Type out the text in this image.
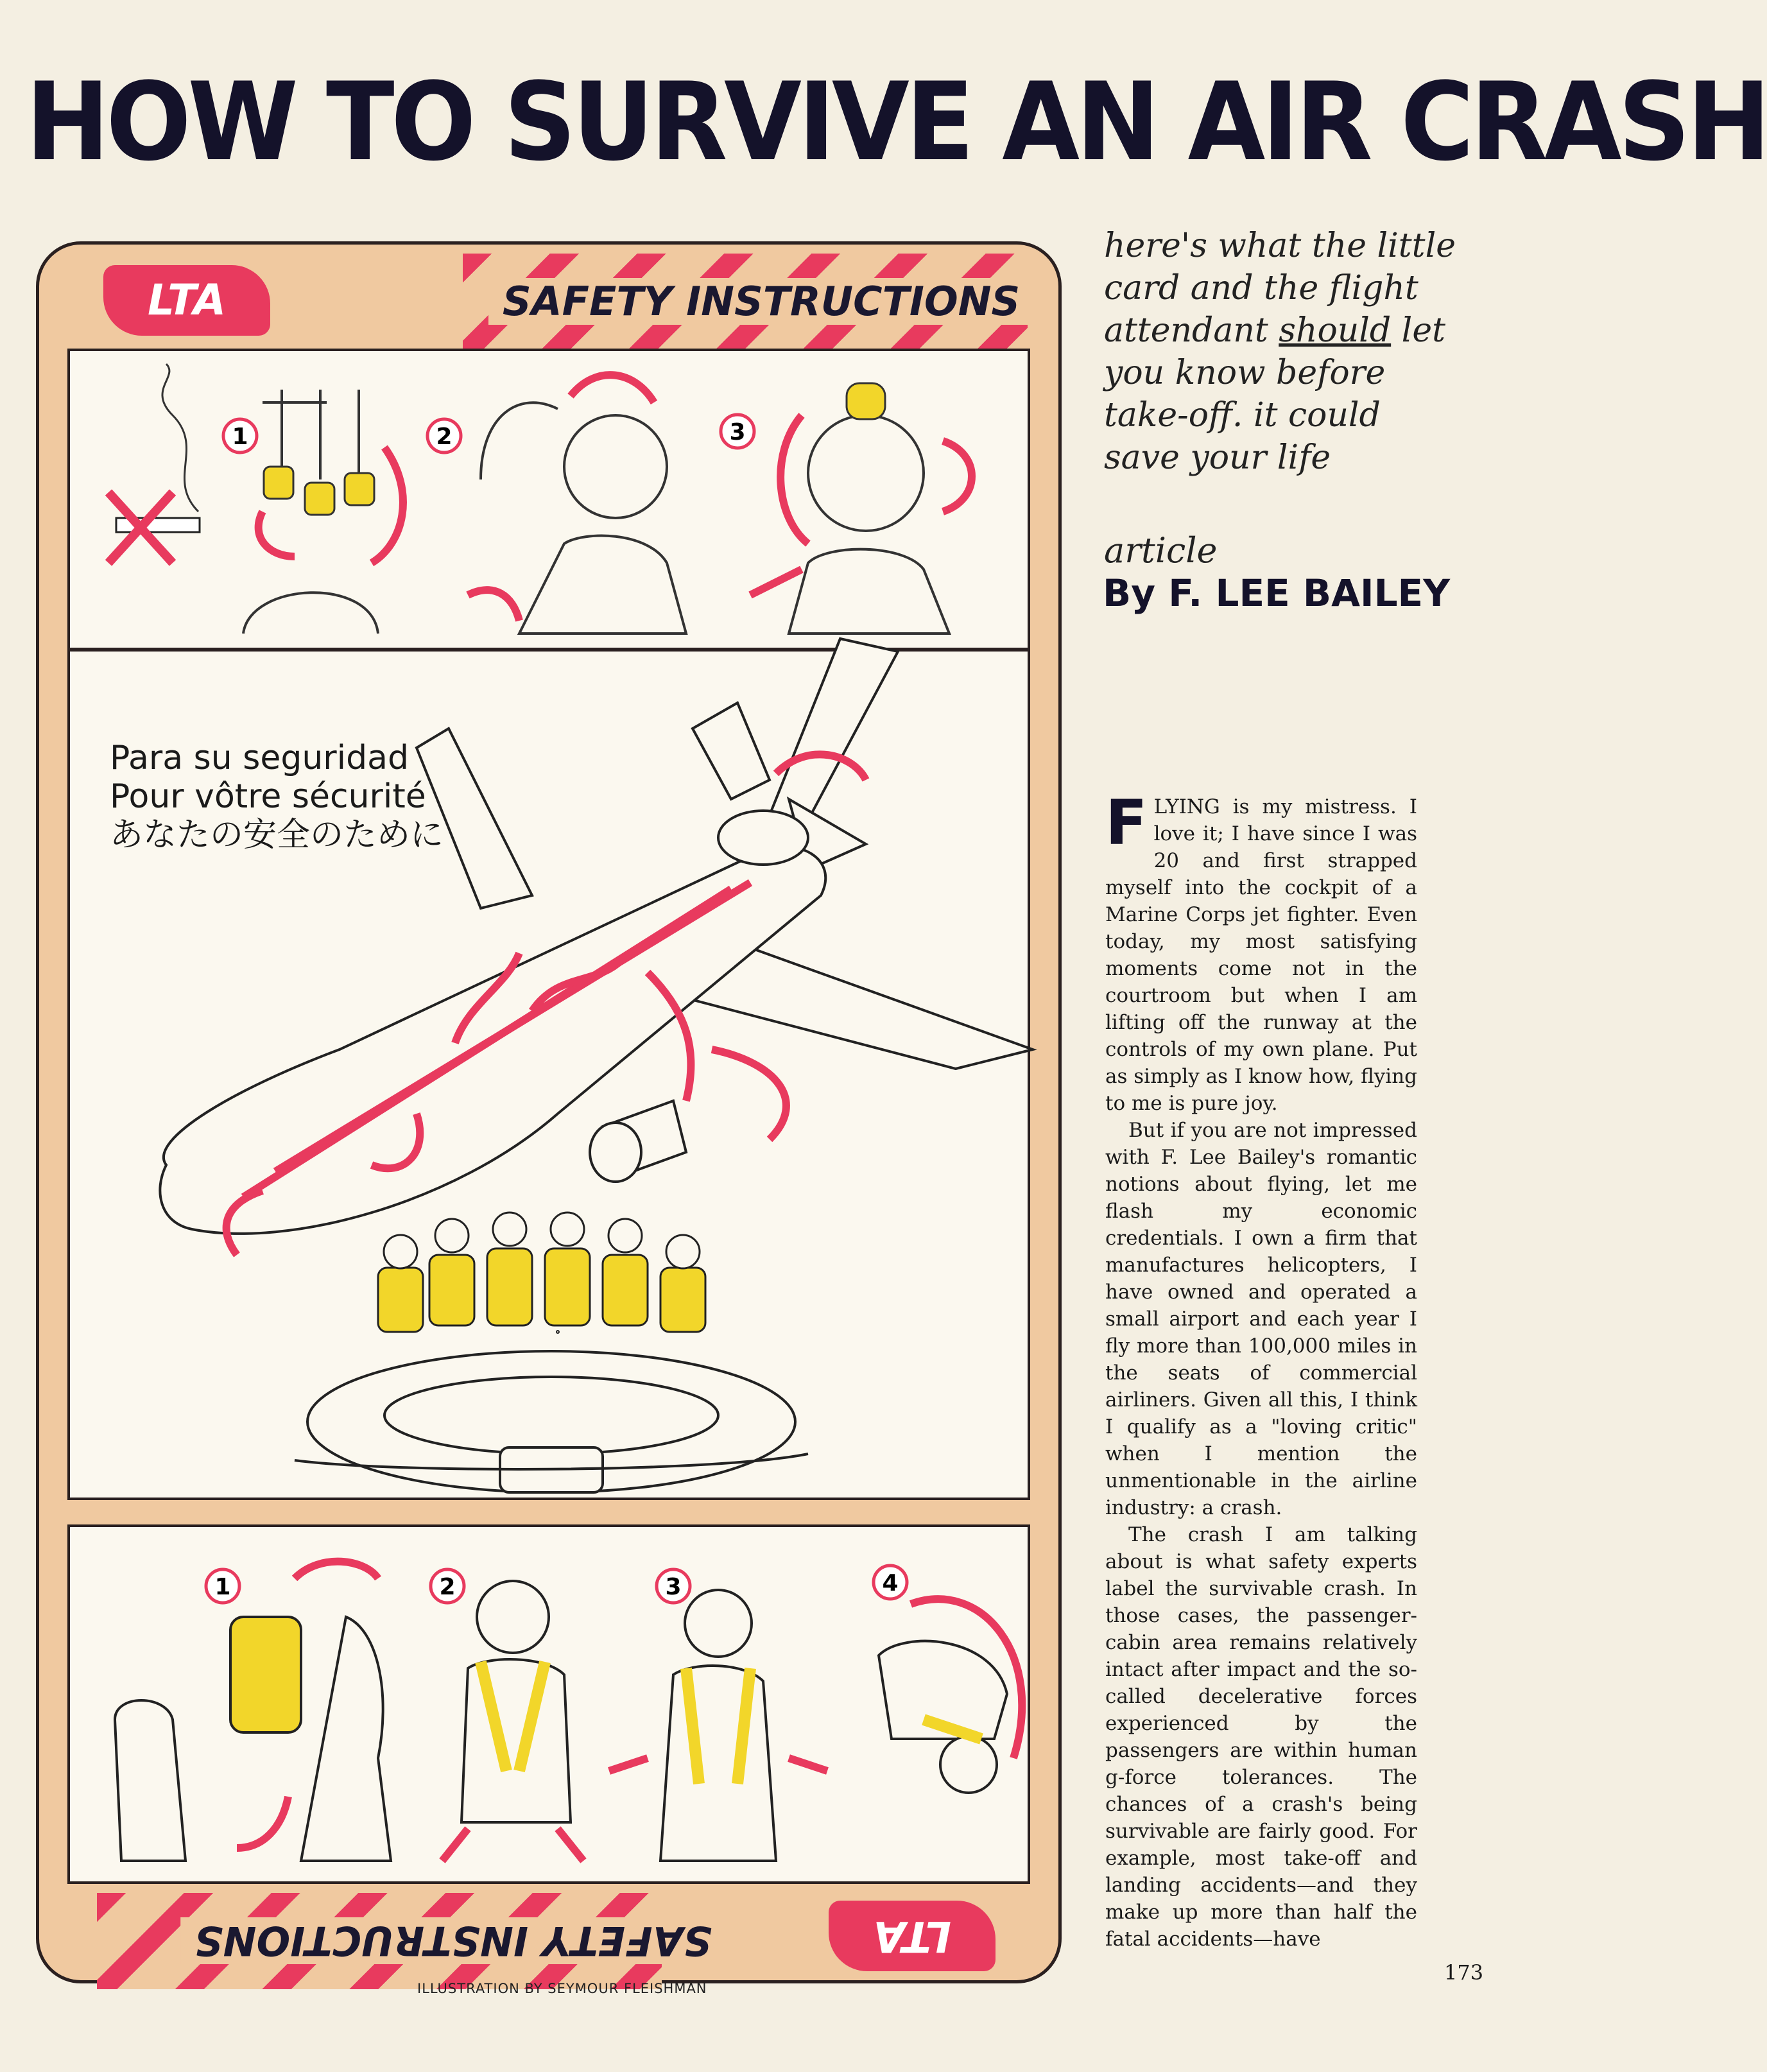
HOW TO SURVIVE AN AIR CRASH
LTA	SAFETY INSTRUCTIONS
1	2	3
Para su seguridad
Pour vôtre sécurité
あなたの安全のために
1	2	3	4
SAFETY INSTRUCTIONS	LTA
here's what the little card and the flight attendant should let you know before take-off. it could save your life
article
By F. LEE BAILEY

FLYING is my mistress. I love it; I have since I was 20 and first strapped myself into the cockpit of a Marine Corps jet fighter. Even today, my most satisfying moments come not in the courtroom but when I am lifting off the runway at the controls of my own plane. Put as simply as I know how, flying to me is pure joy.

But if you are not impressed with F. Lee Bailey's romantic notions about flying, let me flash my economic credentials. I own a firm that manufactures helicopters, I have owned and operated a small airport and each year I fly more than 100,000 miles in the seats of commercial airliners. Given all this, I think I qualify as a "loving critic" when I mention the unmentionable in the airline industry: a crash.

The crash I am talking about is what safety experts label the survivable crash. In those cases, the passenger-cabin area remains relatively intact after impact and the so-called decelerative forces experienced by the passengers are within human g-force tolerances. The chances of a crash's being survivable are fairly good. For example, most take-off and landing accidents—and they make up more than half the fatal accidents—have

173
ILLUSTRATION BY SEYMOUR FLEISHMAN
